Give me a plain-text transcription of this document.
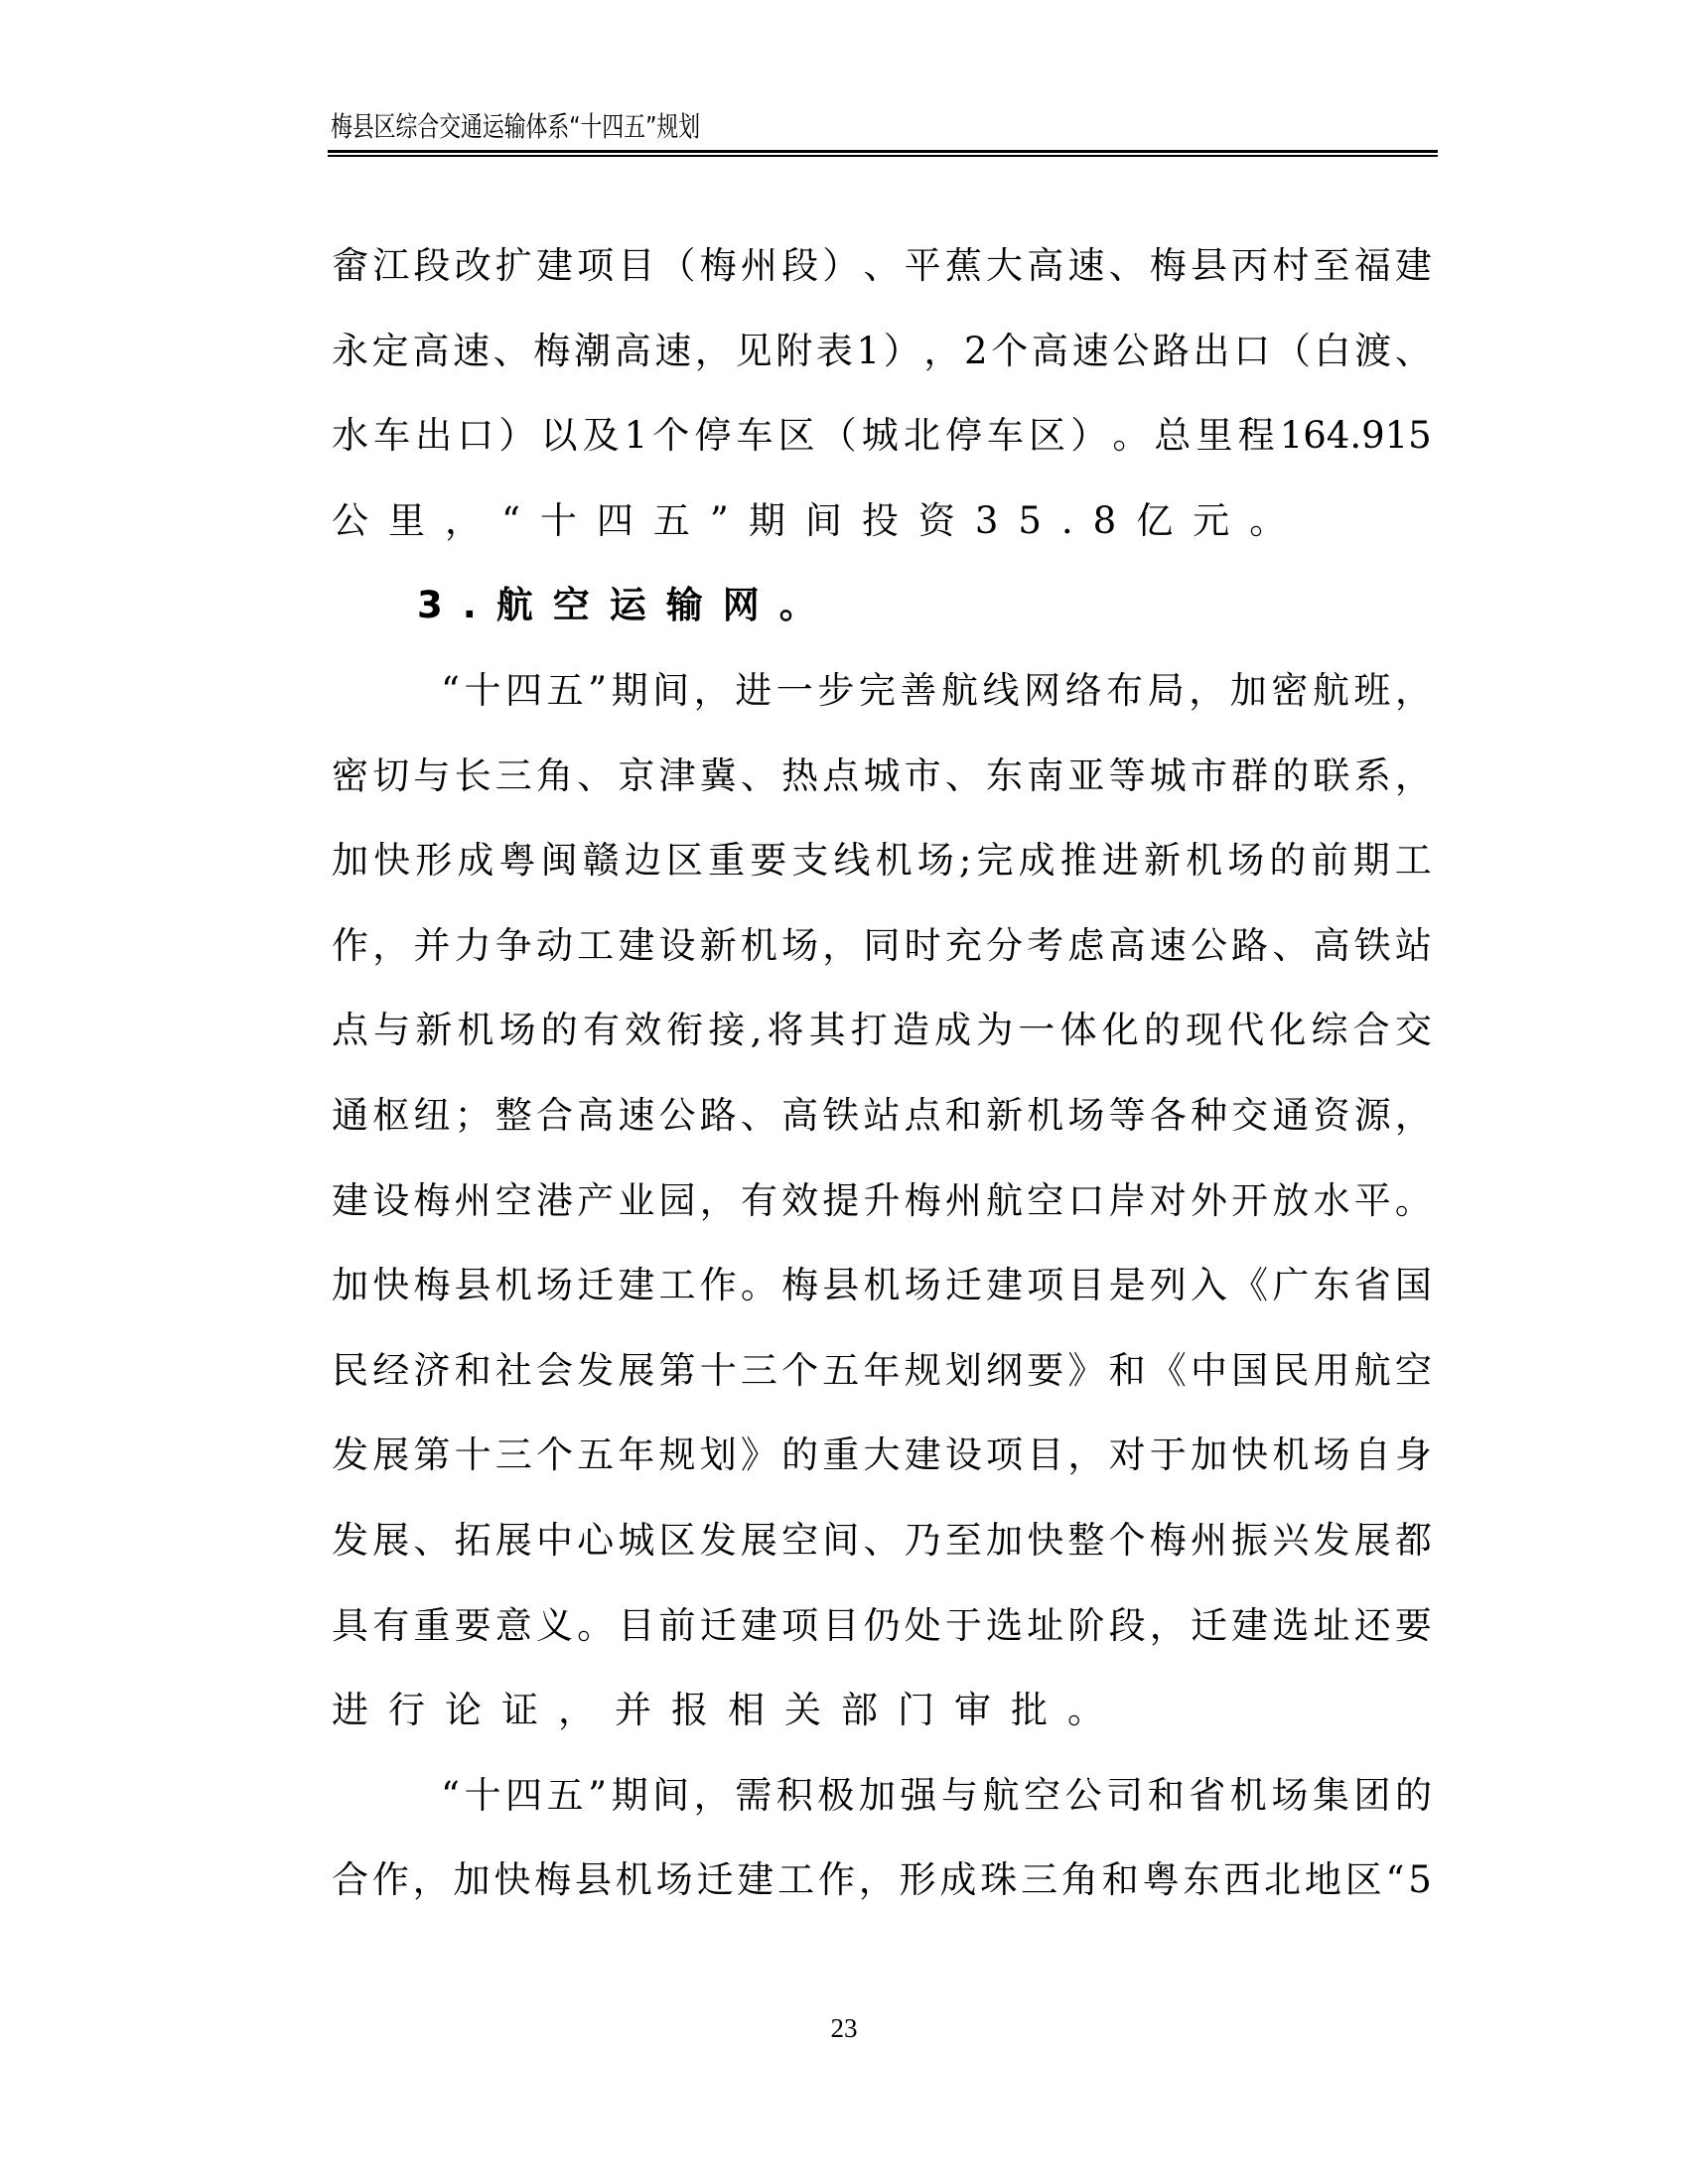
梅县区综合交通运输体系“十四五”规划
畲 江 段 改 扩 建 项 目 （ 梅 州 段 ） 、 平 蕉 大 高 速 、 梅 县 丙 村 至 福 建
永 定 高 速 、 梅 潮 高 速 ， 见 附 表 1 ） ， 2 个 高 速 公 路 出 口 （ 白 渡 、
水 车 出 口 ） 以 及 1 个 停 车 区 （ 城 北 停 车 区 ） 。 总 里 程 164.915
公里，“十四五”期间投资35.8亿元。
3.航空运输网。
“ 十 四 五 ” 期 间 ， 进 一 步 完 善 航 线 网 络 布 局 ， 加 密 航 班 ，
密 切 与 长 三 角 、 京 津 冀 、 热 点 城 市 、 东 南 亚 等 城 市 群 的 联 系 ，
加 快 形 成 粤 闽 赣 边 区 重 要 支 线 机 场 ; 完 成 推 进 新 机 场 的 前 期 工
作 ， 并 力 争 动 工 建 设 新 机 场 ， 同 时 充 分 考 虑 高 速 公 路 、 高 铁 站
点 与 新 机 场 的 有 效 衔 接 , 将 其 打 造 成 为 一 体 化 的 现 代 化 综 合 交
通 枢 纽 ； 整 合 高 速 公 路 、 高 铁 站 点 和 新 机 场 等 各 种 交 通 资 源 ，
建 设 梅 州 空 港 产 业 园 ， 有 效 提 升 梅 州 航 空 口 岸 对 外 开 放 水 平 。
加 快 梅 县 机 场 迁 建 工 作 。 梅 县 机 场 迁 建 项 目 是 列 入 《 广 东 省 国
民 经 济 和 社 会 发 展 第 十 三 个 五 年 规 划 纲 要 》 和 《 中 国 民 用 航 空
发 展 第 十 三 个 五 年 规 划 》 的 重 大 建 设 项 目 ， 对 于 加 快 机 场 自 身
发 展 、 拓 展 中 心 城 区 发 展 空 间 、 乃 至 加 快 整 个 梅 州 振 兴 发 展 都
具 有 重 要 意 义 。 目 前 迁 建 项 目 仍 处 于 选 址 阶 段 ， 迁 建 选 址 还 要
进行论证，并报相关部门审批。
“ 十 四 五 ” 期 间 ， 需 积 极 加 强 与 航 空 公 司 和 省 机 场 集 团 的
合 作 ， 加 快 梅 县 机 场 迁 建 工 作 ， 形 成 珠 三 角 和 粤 东 西 北 地 区 “ 5
23
